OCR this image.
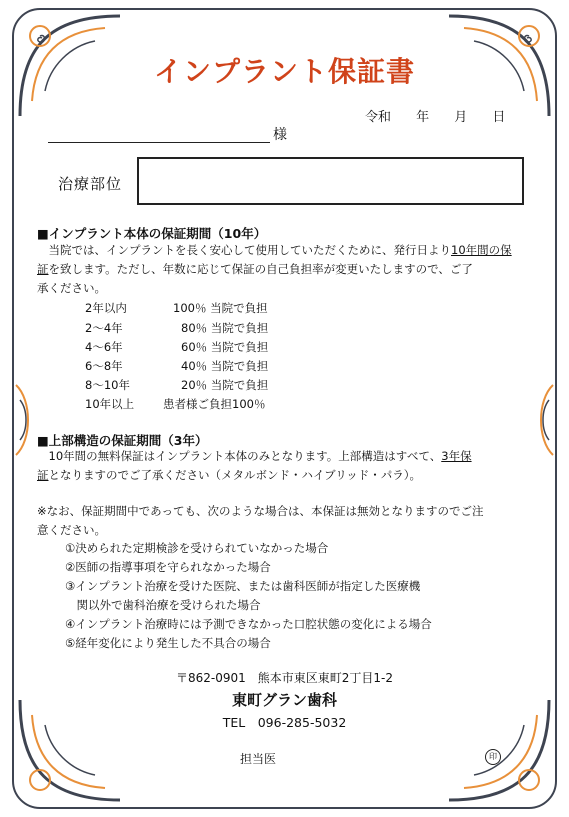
インプラント保証書
令和　 年　 月　 日
様
治療部位
■インプラント本体の保証期間（10年）
　当院では、インプラントを長く安心して使用していただくために、発行日より10年間の保
証を致します。ただし、年数に応じて保証の自己負担率が変更いたしますので、ご了
承ください。
2年以内	100％ 当院で負担
2～4年	80％ 当院で負担
4～6年	60％ 当院で負担
6～8年	40％ 当院で負担
8～10年	20％ 当院で負担
10年以上	患者様ご負担100％
■上部構造の保証期間（3年）
　10年間の無料保証はインプラント本体のみとなります。上部構造はすべて、3年保
証となりますのでご了承ください（メタルボンド・ハイブリッド・パラ）。
※なお、保証期間中であっても、次のような場合は、本保証は無効となりますのでご注
意ください。
①決められた定期検診を受けられていなかった場合
②医師の指導事項を守られなかった場合
③インプラント治療を受けた医院、または歯科医師が指定した医療機
　関以外で歯科治療を受けられた場合
④インプラント治療時には予測できなかった口腔状態の変化による場合
⑤経年変化により発生した不具合の場合
〒862-0901　熊本市東区東町2丁目1-2
東町グラン歯科
TEL　096-285-5032
担当医	印
